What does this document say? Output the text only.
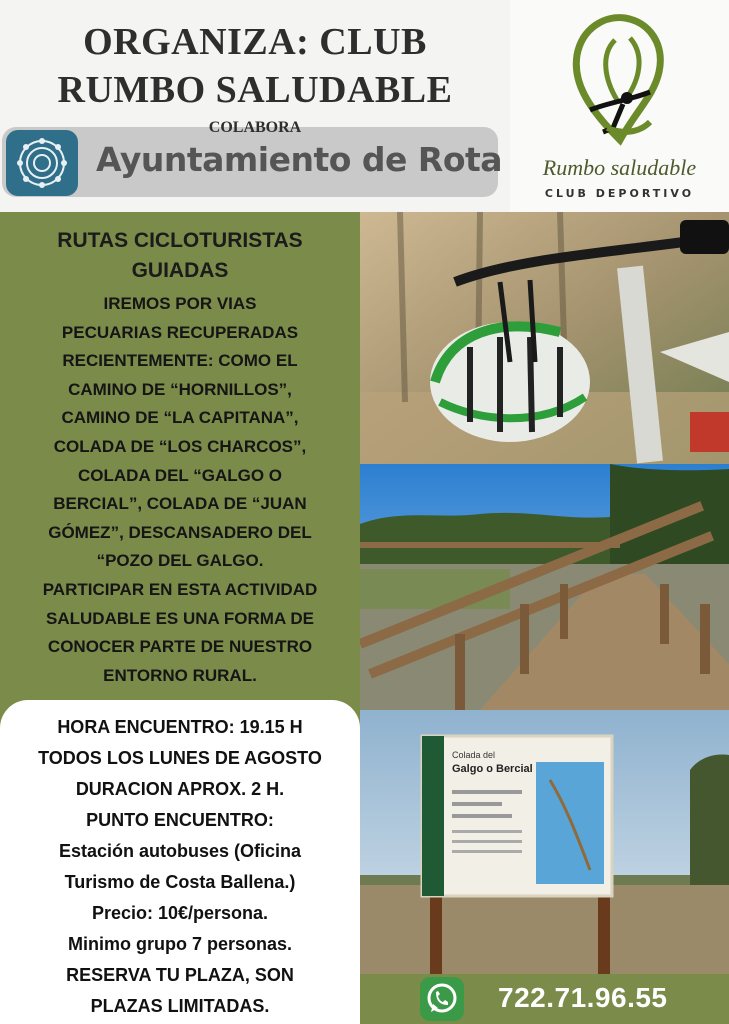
ORGANIZA: CLUB
RUMBO SALUDABLE
COLABORA
Ayuntamiento de Rota	Rumbo saludable
CLUB DEPORTIVO
RUTAS CICLOTURISTAS
GUIADAS
IREMOS POR VIAS
PECUARIAS RECUPERADAS
RECIENTEMENTE: COMO EL
CAMINO DE “HORNILLOS”,
CAMINO DE “LA CAPITANA”,
COLADA DE “LOS CHARCOS”,
COLADA DEL “GALGO O
BERCIAL”, COLADA DE “JUAN
GÓMEZ”, DESCANSADERO DEL
“POZO DEL GALGO.
PARTICIPAR EN ESTA ACTIVIDAD
SALUDABLE ES UNA FORMA DE
CONOCER PARTE DE NUESTRO
ENTORNO RURAL.
HORA ENCUENTRO: 19.15 H
TODOS LOS LUNES DE AGOSTO
DURACION APROX. 2 H.
PUNTO ENCUENTRO:
Estación autobuses (Oficina
Turismo de Costa Ballena.)
Precio: 10€/persona.
Minimo grupo 7 personas.
RESERVA TU PLAZA, SON
PLAZAS LIMITADAS.
Colada del
Galgo o Bercial
722.71.96.55
